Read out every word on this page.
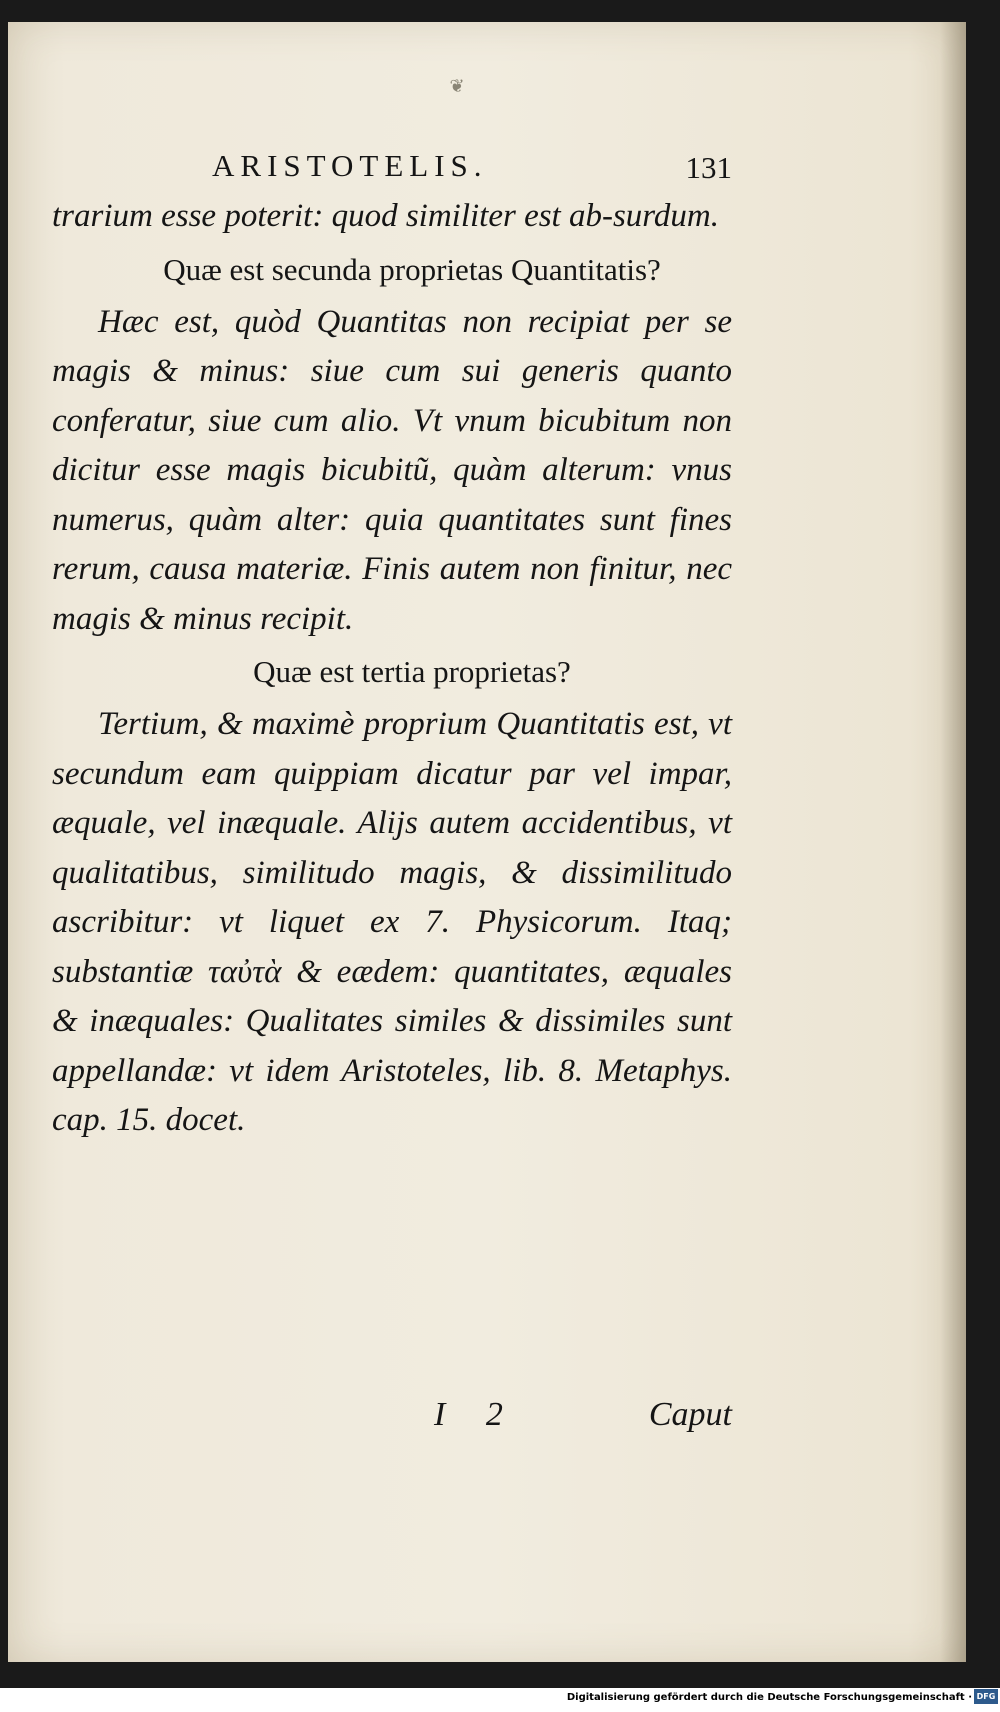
❦
ARISTOTELIS.	131

trarium esse poterit: quod similiter est ab-surdum.

Quæ est secunda proprietas Quantitatis?

Hæc est, quòd Quantitas non recipiat per se magis & minus: siue cum sui generis quanto conferatur, siue cum alio. Vt vnum bicubitum non dicitur esse magis bicubitũ, quàm alterum: vnus numerus, quàm alter: quia quantitates sunt fines rerum, causa materiæ. Finis autem non finitur, nec magis & minus recipit.

Quæ est tertia proprietas?

Tertium, & maximè proprium Quantitatis est, vt secundum eam quippiam dicatur par vel impar, æquale, vel inæquale. Alijs autem accidentibus, vt qualitatibus, similitudo magis, & dissimilitudo ascribitur: vt liquet ex 7. Physicorum. Itaq; substantiæ ταὐτὰ & eædem: quantitates, æquales & inæquales: Qualitates similes & dissimiles sunt appellandæ: vt idem Aristoteles, lib. 8. Metaphys. cap. 15. docet.

I 2	Caput
Digitalisierung gefördert durch die Deutsche Forschungsgemeinschaft · DFG
